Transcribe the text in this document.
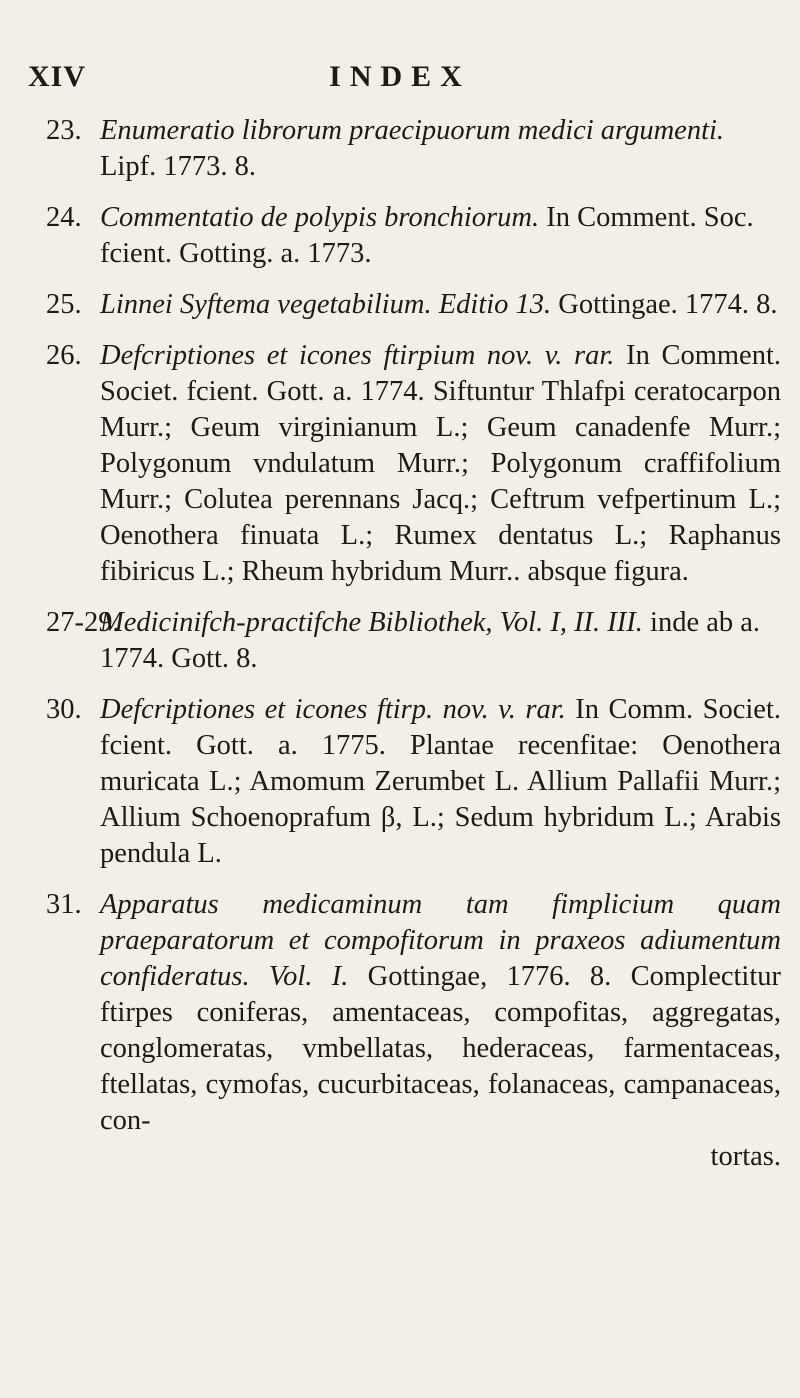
XIV	INDEX
23. Enumeratio librorum praecipuorum medici argumenti. Lipf. 1773. 8.
24. Commentatio de polypis bronchiorum. In Comment. Soc. fcient. Gotting. a. 1773.
25. Linnei Syftema vegetabilium. Editio 13. Gottingae. 1774. 8.
26. Defcriptiones et icones ftirpium nov. v. rar. In Comment. Societ. fcient. Gott. a. 1774. Siftuntur Thlafpi ceratocarpon Murr.; Geum virginianum L.; Geum canadenfe Murr.; Polygonum vndulatum Murr.; Polygonum craffifolium Murr.; Colutea perennans Jacq.; Ceftrum vefpertinum L.; Oenothera finuata L.; Rumex dentatus L.; Raphanus fibiricus L.; Rheum hybridum Murr.. absque figura.
27-29.
Medicinifch-practifche Bibliothek, Vol. I, II. III. inde ab a. 1774. Gott. 8.
30. Defcriptiones et icones ftirp. nov. v. rar. In Comm. Societ. fcient. Gott. a. 1775. Plantae recenfitae: Oenothera muricata L.; Amomum Zerumbet L. Allium Pallafii Murr.; Allium Schoenoprafum β, L.; Sedum hybridum L.; Arabis pendula L.
31. Apparatus medicaminum tam fimplicium quam praeparatorum et compofitorum in praxeos adiumentum confideratus. Vol. I. Gottingae, 1776. 8. Complectitur ftirpes coniferas, amentaceas, compofitas, aggregatas, conglomeratas, vmbellatas, hederaceas, farmentaceas, ftellatas, cymofas, cucurbitaceas, folanaceas, campanaceas, con-
tortas.
